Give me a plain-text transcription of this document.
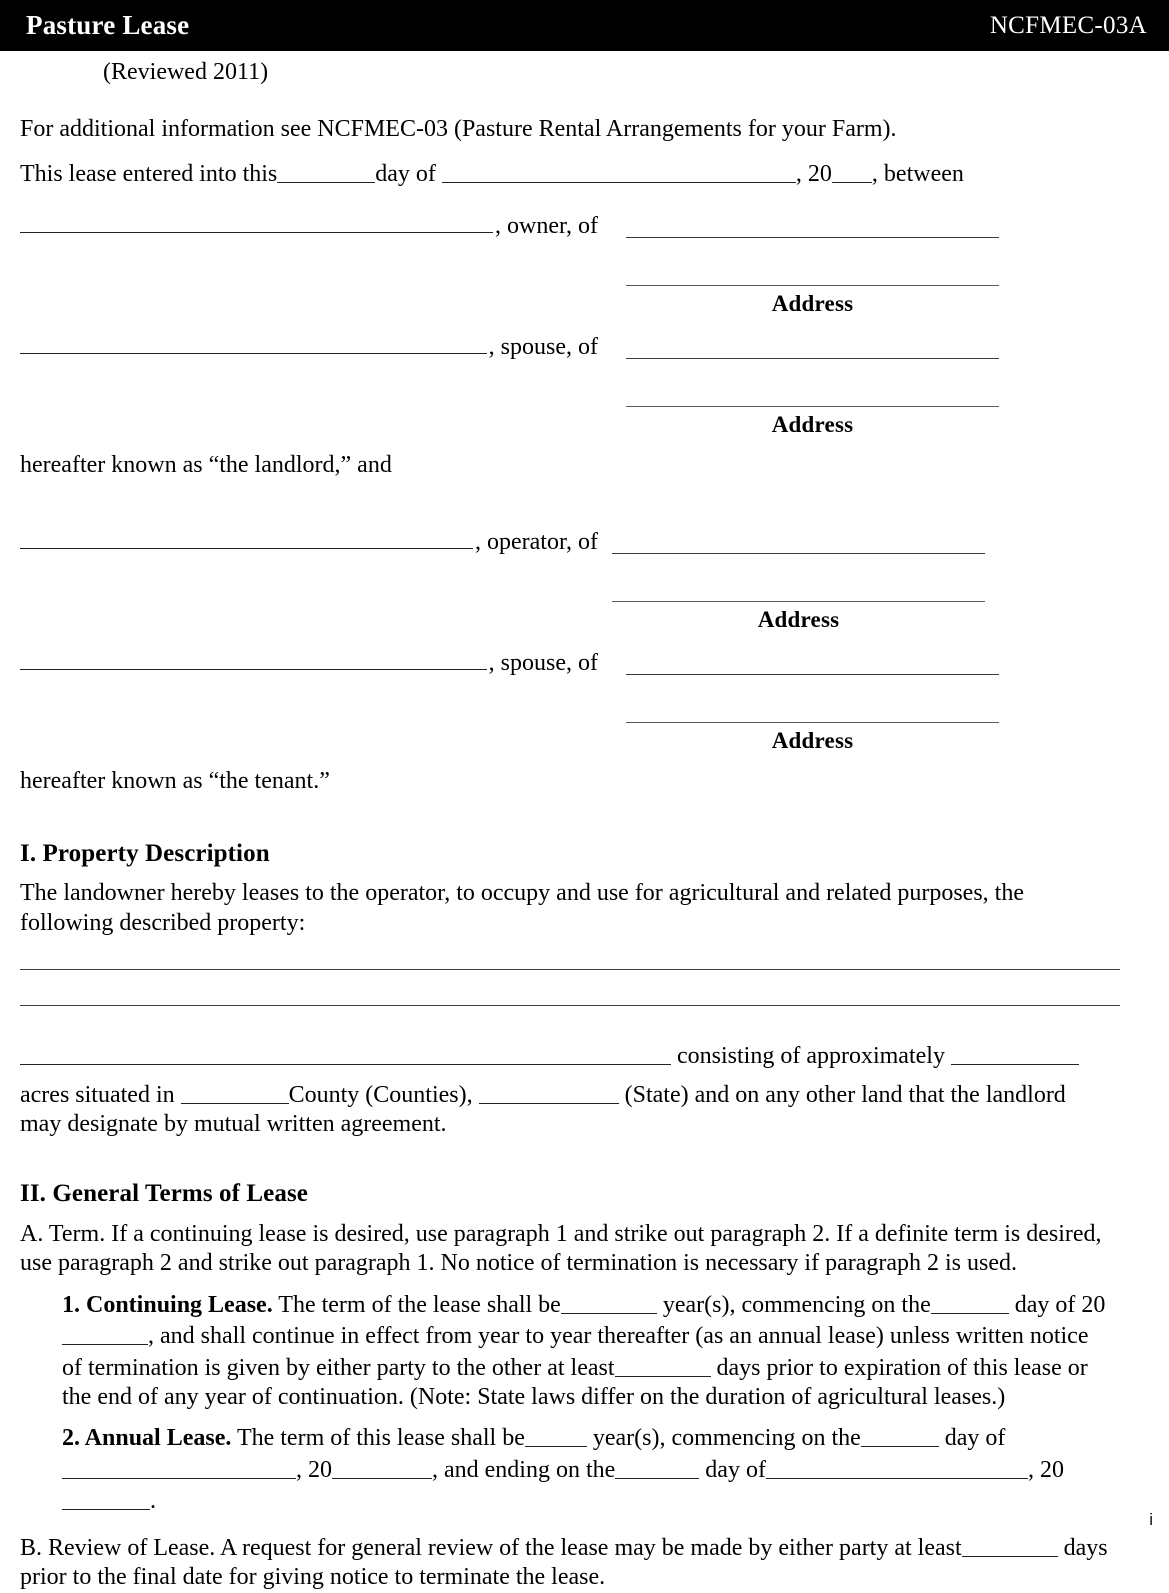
Pasture Lease	NCFMEC-03A
(Reviewed 2011)
For additional information see NCFMEC-03 (Pasture Rental Arrangements for your Farm).
This lease entered into this	day of	, 20 , between
, owner, of
Address
, spouse, of
Address
hereafter known as “the landlord,” and
, operator, of
Address
, spouse, of
Address
hereafter known as “the tenant.”
I. Property Description
The landowner hereby leases to the operator, to occupy and use for agricultural and related purposes, the following described property:
consisting of approximately
acres situated in	County (Counties),	(State) and on any other land that the landlord may designate by mutual written agreement.
II. General Terms of Lease
A. Term. If a continuing lease is desired, use paragraph 1 and strike out paragraph 2. If a definite term is desired, use paragraph 2 and strike out paragraph 1. No notice of termination is necessary if paragraph 2 is used.
1. Continuing Lease. The term of the lease shall be	year(s), commencing on the	day of 20, and shall continue in effect from year to year thereafter (as an annual lease) unless written notice of termination is given by either party to the other at least	days prior to expiration of this lease or the end of any year of continuation. (Note: State laws differ on the duration of agricultural leases.)
2. Annual Lease. The term of this lease shall be	year(s), commencing on the	day of , 20	, and ending on the	day of	, 20.
B. Review of Lease. A request for general review of the lease may be made by either party at least	days prior to the final date for giving notice to terminate the lease.
i
